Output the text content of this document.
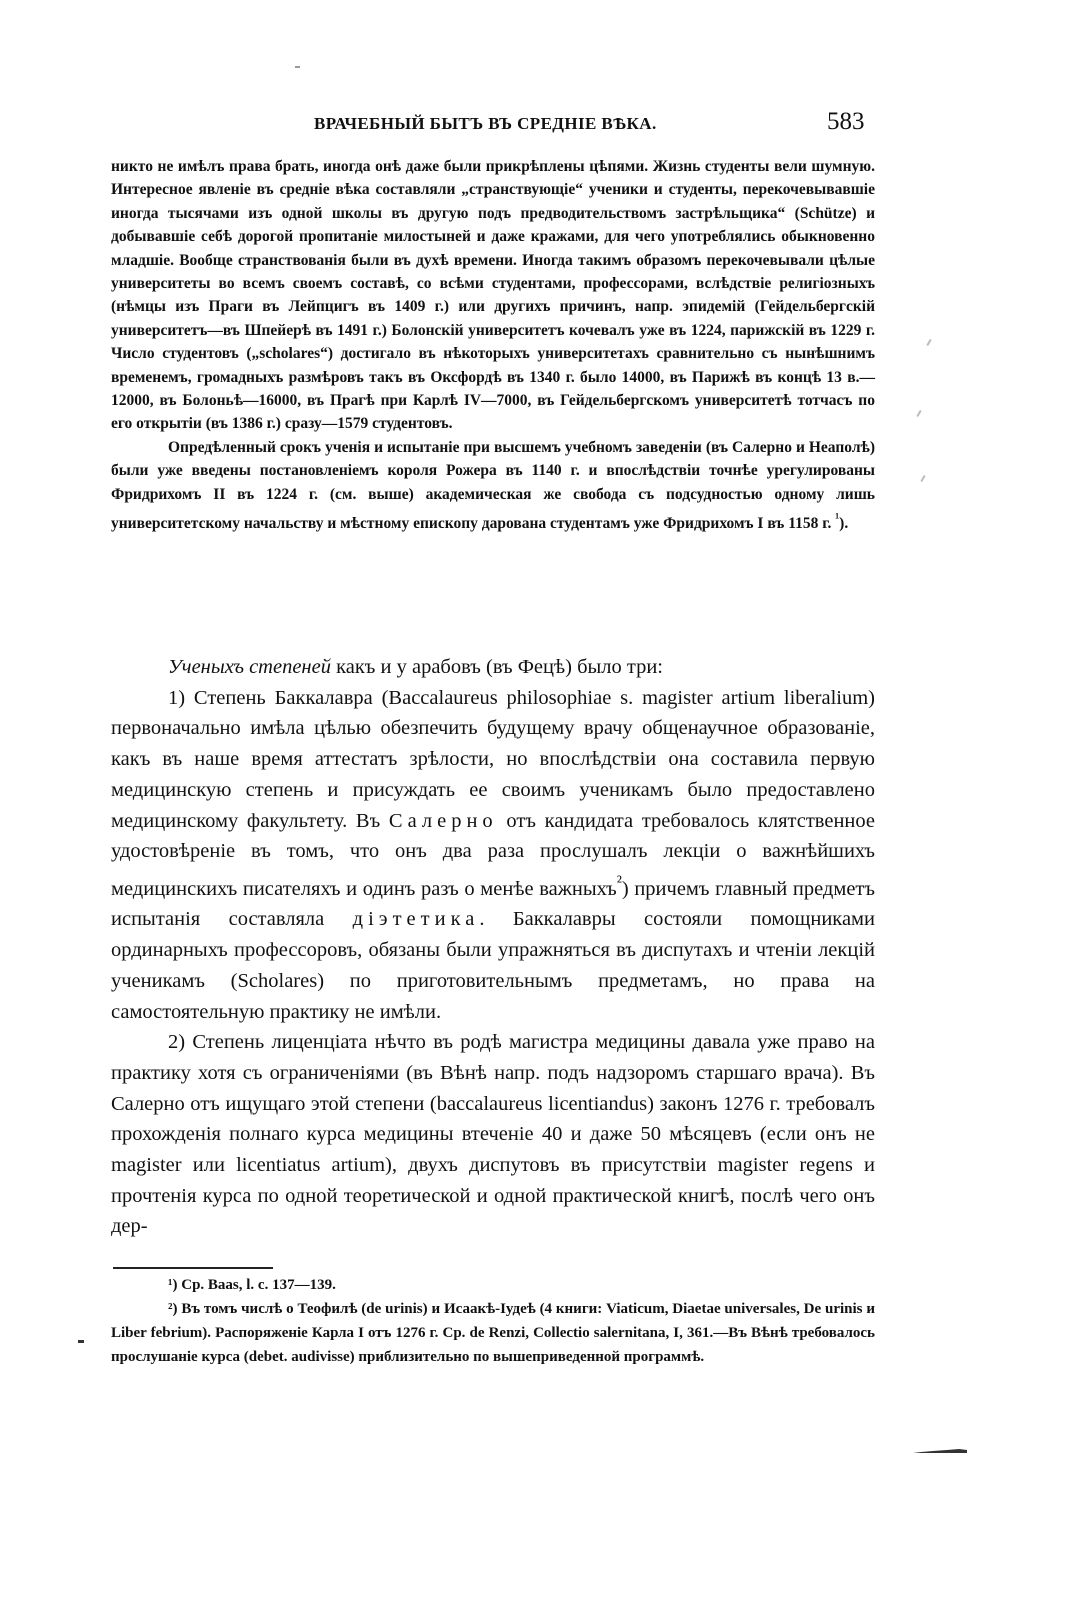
ВРАЧЕБНЫЙ БЫТЪ ВЪ СРЕДНІЕ ВѢКА.	583

никто не имѣлъ права брать, иногда онѣ даже были прикрѣплены цѣпями. Жизнь студенты вели шумную. Интересное явленіе въ средніе вѣка составляли „странствующіе“ ученики и студенты, перекочевывавшіе иногда тысячами изъ одной школы въ другую подъ предводительствомъ застрѣльщика“ (Schütze) и добывавшіе себѣ дорогой пропитаніе милостыней и даже кражами, для чего употреблялись обыкновенно младшіе. Вообще странствованія были въ духѣ времени. Иногда такимъ образомъ перекочевывали цѣлые университеты во всемъ своемъ составѣ, со всѣми студентами, профессорами, вслѣдствіе религіозныхъ (нѣмцы изъ Праги въ Лейпцигъ въ 1409 г.) или другихъ причинъ, напр. эпидемій (Гейдельбергскій университетъ—въ Шпейерѣ въ 1491 г.) Болонскій университетъ кочевалъ уже въ 1224, парижскій въ 1229 г. Число студентовъ („scholares“) достигало въ нѣкоторыхъ университетахъ сравнительно съ нынѣшнимъ временемъ, громадныхъ размѣровъ такъ въ Оксфордѣ въ 1340 г. было 14000, въ Парижѣ въ концѣ 13 в.—12000, въ Болоньѣ—16000, въ Прагѣ при Карлѣ IV—7000, въ Гейдельбергскомъ университетѣ тотчасъ по его открытіи (въ 1386 г.) сразу—1579 студентовъ.

Опредѣленный срокъ ученія и испытаніе при высшемъ учебномъ заведеніи (въ Салерно и Неаполѣ) были уже введены постановленіемъ короля Рожера въ 1140 г. и впослѣдствіи точнѣе урегулированы Фридрихомъ II въ 1224 г. (см. выше) академическая же свобода съ подсудностью одному лишь университетскому начальству и мѣстному епископу дарована студентамъ уже Фридрихомъ I въ 1158 г. $^{^1}$).

Ученыхъ степеней какъ и у арабовъ (въ Фецѣ) было три:

1) Степень Баккалавра (Baccalaureus philosophiae s. magister artium liberalium) первоначально имѣла цѣлью обезпечить будущему врачу общенаучное образованіе, какъ въ наше время аттестатъ зрѣлости, но впослѣдствіи она составила первую медицинскую степень и присуждать ее своимъ ученикамъ было предоставлено медицинскому факультету. Въ Салерно отъ кандидата требовалось клятственное удостовѣреніе въ томъ, что онъ два раза прослушалъ лекціи о важнѣйшихъ медицинскихъ писателяхъ и одинъ разъ о менѣе важныхъ$^{^2}$) причемъ главный предметъ испытанія составляла діэтетика. Баккалавры состояли помощниками ординарныхъ профессоровъ, обязаны были упражняться въ диспутахъ и чтеніи лекцій ученикамъ (Scholares) по приготовительнымъ предметамъ, но права на самостоятельную практику не имѣли.

2) Степень лиценціата нѣчто въ родѣ магистра медицины давала уже право на практику хотя съ ограниченіями (въ Вѣнѣ напр. подъ надзоромъ старшаго врача). Въ Салерно отъ ищущаго этой степени (baccalaureus licentiandus) законъ 1276 г. требовалъ прохожденія полнаго курса медицины втеченіе 40 и даже 50 мѣсяцевъ (если онъ не magister или licentiatus artium), двухъ диспутовъ въ присутствіи magister regens и прочтенія курса по одной теоретической и одной практической книгѣ, послѣ чего онъ дер-

¹) Ср. Baas, l. c. 137—139.

²) Въ томъ числѣ о Теофилѣ (de urinis) и Исаакѣ-Іудеѣ (4 книги: Viaticum, Diaetae universales, De urinis и Liber febrium). Распоряженіе Карла I отъ 1276 г. Ср. de Renzi, Collectio salernitana, I, 361.—Въ Вѣнѣ требовалось прослушаніе курса (debet. audivisse) приблизительно по вышеприведенной программѣ.
